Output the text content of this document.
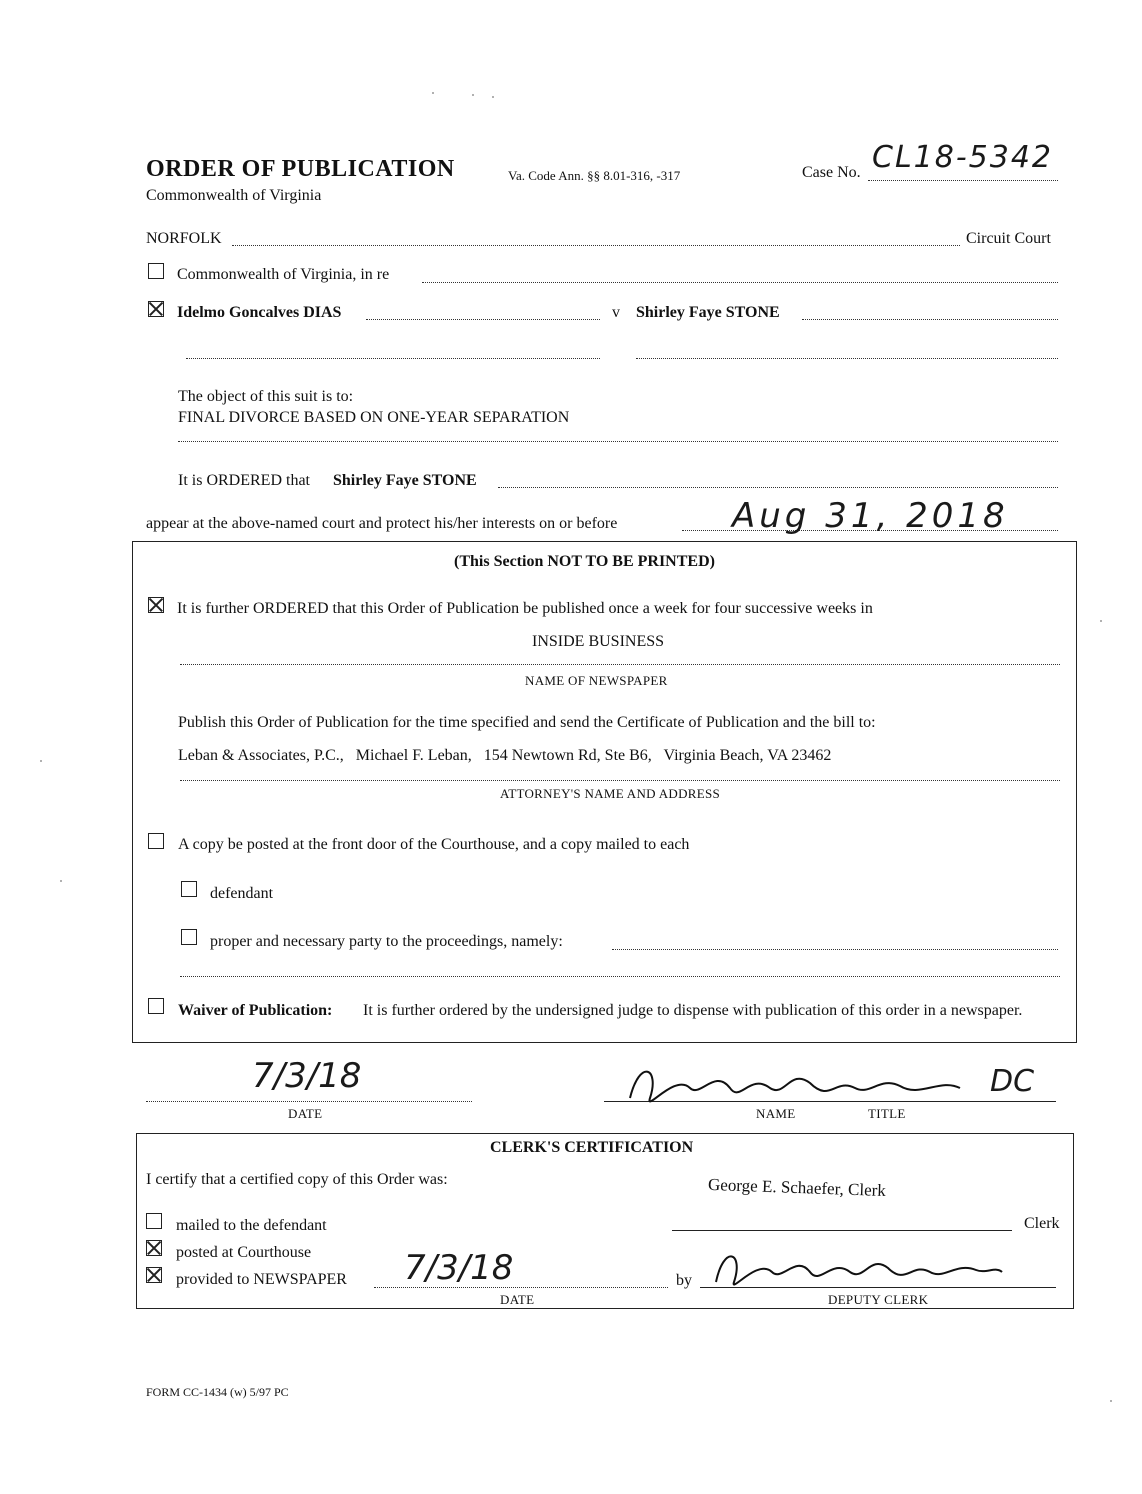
ORDER OF PUBLICATION	Va. Code Ann. §§ 8.01-316, -317	Case No. CL18-5342
Commonwealth of Virginia
NORFOLK	Circuit Court
Commonwealth of Virginia, in re
Idelmo Goncalves DIAS	v Shirley Faye STONE
The object of this suit is to:
FINAL DIVORCE BASED ON ONE-YEAR SEPARATION
It is ORDERED that Shirley Faye STONE
appear at the above-named court and protect his/her interests on or before	Aug 31, 2018
(This Section NOT TO BE PRINTED)
It is further ORDERED that this Order of Publication be published once a week for four successive weeks in
INSIDE BUSINESS
NAME OF NEWSPAPER
Publish this Order of Publication for the time specified and send the Certificate of Publication and the bill to:
Leban & Associates, P.C.,   Michael F. Leban,   154 Newtown Rd, Ste B6,   Virginia Beach, VA 23462
ATTORNEY'S NAME AND ADDRESS
A copy be posted at the front door of the Courthouse, and a copy mailed to each
defendant
proper and necessary party to the proceedings, namely:
Waiver of Publication: It is further ordered by the undersigned judge to dispense with publication of this order in a newspaper.
7/3/18
DATE
DC
NAME	TITLE
CLERK'S CERTIFICATION
I certify that a certified copy of this Order was:	George E. Schaefer, Clerk
Clerk
mailed to the defendant
posted at Courthouse
provided to NEWSPAPER 7/3/18
DATE
by
DEPUTY CLERK
FORM CC-1434 (w) 5/97 PC
